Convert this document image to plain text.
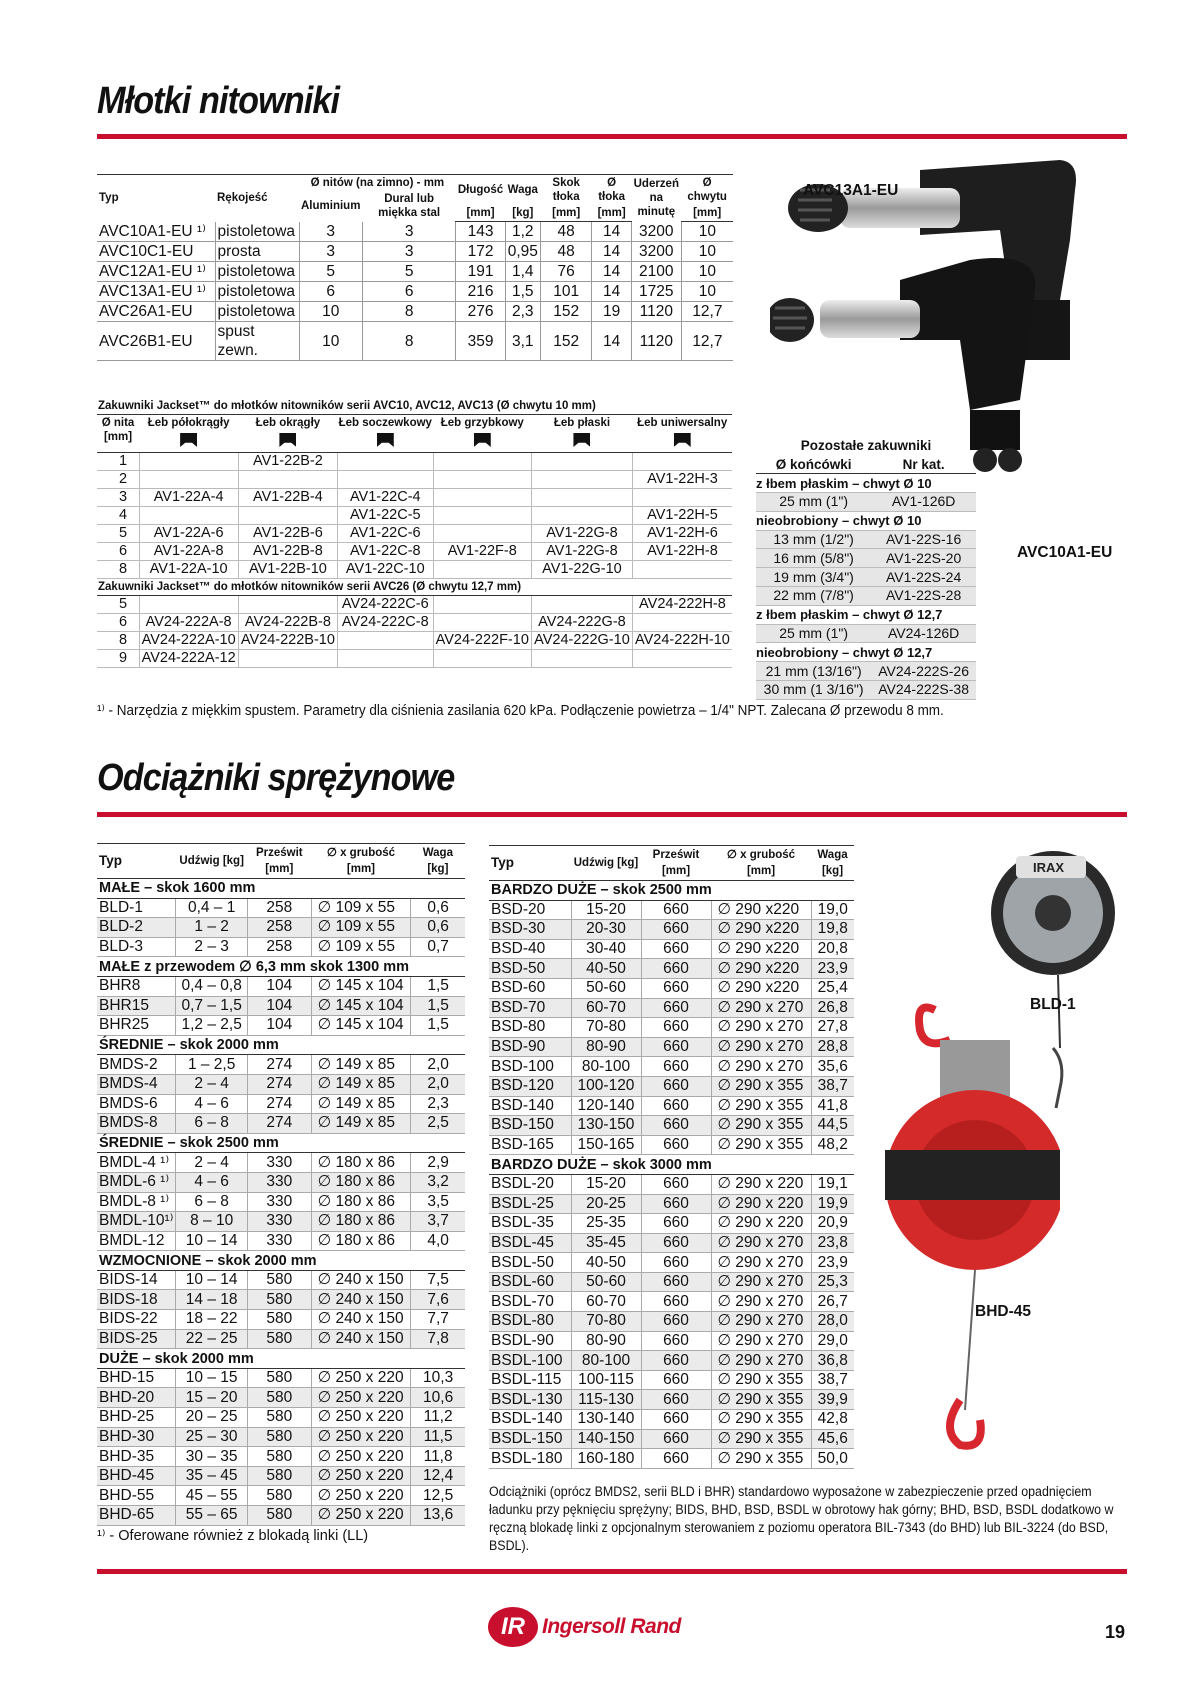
Młotki nitowniki
Typ	Rękojeść	Ø nitów (na zimno) - mm		Długość	Waga	Skok tłoka	Ø tłoka	Uderzeń na minutę	Ø chwytu
		Aluminium	Dural lub miękka stal						
				[mm]	[kg]	[mm]	[mm]		[mm]
AVC10A1-EU ¹⁾	pistoletowa	3	3	143	1,2	48	14	3200	10
AVC10C1-EU	prosta	3	3	172	0,95	48	14	3200	10
AVC12A1-EU ¹⁾	pistoletowa	5	5	191	1,4	76	14	2100	10
AVC13A1-EU ¹⁾	pistoletowa	6	6	216	1,5	101	14	1725	10
AVC26A1-EU	pistoletowa	10	8	276	2,3	152	19	1120	12,7
AVC26B1-EU	spust zewn.	10	8	359	3,1	152	14	1120	12,7
AVC13A1-EU
AVC10A1-EU
Zakuwniki Jackset™ do młotków nitowników serii AVC10, AVC12, AVC13 (Ø chwytu 10 mm)						

Ø nita [mm]	Łeb półokrągły	Łeb okrągły	Łeb soczewkowy	Łeb grzybkowy	Łeb płaski	Łeb uniwersalny

1		AV1-22B-2				
2						AV1-22H-3
3	AV1-22A-4	AV1-22B-4	AV1-22C-4			
4			AV1-22C-5			AV1-22H-5
5	AV1-22A-6	AV1-22B-6	AV1-22C-6		AV1-22G-8	AV1-22H-6
6	AV1-22A-8	AV1-22B-8	AV1-22C-8	AV1-22F-8	AV1-22G-8	AV1-22H-8
8	AV1-22A-10	AV1-22B-10	AV1-22C-10		AV1-22G-10	
Zakuwniki Jackset™ do młotków nitowników serii AVC26 (Ø chwytu 12,7 mm)						
5			AV24-222C-6			AV24-222H-8
6	AV24-222A-8	AV24-222B-8	AV24-222C-8		AV24-222G-8	
8	AV24-222A-10	AV24-222B-10		AV24-222F-10	AV24-222G-10	AV24-222H-10
9	AV24-222A-12					
Pozostałe zakuwniki
Ø końcówki	Nr kat.
z łbem płaskim – chwyt Ø 10	
25 mm (1")	AV1-126D
nieobrobiony – chwyt Ø 10	
13 mm (1/2")	AV1-22S-16
16 mm (5/8")	AV1-22S-20
19 mm (3/4")	AV1-22S-24
22 mm (7/8")	AV1-22S-28
z łbem płaskim – chwyt Ø 12,7	
25 mm (1")	AV24-126D
nieobrobiony – chwyt Ø 12,7	
21 mm (13/16")	AV24-222S-26
30 mm (1 3/16")	AV24-222S-38
¹⁾ - Narzędzia z miękkim spustem. Parametry dla ciśnienia zasilania 620 kPa. Podłączenie powietrza – 1/4" NPT. Zalecana Ø przewodu 8 mm.
Odciążniki sprężynowe
Typ	Udźwig [kg]	Prześwit [mm]	∅ x grubość [mm]	Waga [kg]
MAŁE – skok 1600 mm				
BLD-1	0,4 – 1	258	∅ 109 x 55	0,6
BLD-2	1 – 2	258	∅ 109 x 55	0,6
BLD-3	2 – 3	258	∅ 109 x 55	0,7
MAŁE z przewodem ∅ 6,3 mm skok 1300 mm				
BHR8	0,4 – 0,8	104	∅ 145 x 104	1,5
BHR15	0,7 – 1,5	104	∅ 145 x 104	1,5
BHR25	1,2 – 2,5	104	∅ 145 x 104	1,5
ŚREDNIE – skok 2000 mm				
BMDS-2	1 – 2,5	274	∅ 149 x 85	2,0
BMDS-4	2 – 4	274	∅ 149 x 85	2,0
BMDS-6	4 – 6	274	∅ 149 x 85	2,3
BMDS-8	6 – 8	274	∅ 149 x 85	2,5
ŚREDNIE – skok 2500 mm				
BMDL-4 ¹⁾	2 – 4	330	∅ 180 x 86	2,9
BMDL-6 ¹⁾	4 – 6	330	∅ 180 x 86	3,2
BMDL-8 ¹⁾	6 – 8	330	∅ 180 x 86	3,5
BMDL-10¹⁾	8 – 10	330	∅ 180 x 86	3,7
BMDL-12	10 – 14	330	∅ 180 x 86	4,0
WZMOCNIONE – skok 2000 mm				
BIDS-14	10 – 14	580	∅ 240 x 150	7,5
BIDS-18	14 – 18	580	∅ 240 x 150	7,6
BIDS-22	18 – 22	580	∅ 240 x 150	7,7
BIDS-25	22 – 25	580	∅ 240 x 150	7,8
DUŻE – skok 2000 mm				
BHD-15	10 – 15	580	∅ 250 x 220	10,3
BHD-20	15 – 20	580	∅ 250 x 220	10,6
BHD-25	20 – 25	580	∅ 250 x 220	11,2
BHD-30	25 – 30	580	∅ 250 x 220	11,5
BHD-35	30 – 35	580	∅ 250 x 220	11,8
BHD-45	35 – 45	580	∅ 250 x 220	12,4
BHD-55	45 – 55	580	∅ 250 x 220	12,5
BHD-65	55 – 65	580	∅ 250 x 220	13,6
Typ	Udźwig [kg]	Prześwit [mm]	∅ x grubość [mm]	Waga [kg]
BARDZO DUŻE – skok 2500 mm				
BSD-20	15-20	660	∅ 290 x220	19,0
BSD-30	20-30	660	∅ 290 x220	19,8
BSD-40	30-40	660	∅ 290 x220	20,8
BSD-50	40-50	660	∅ 290 x220	23,9
BSD-60	50-60	660	∅ 290 x220	25,4
BSD-70	60-70	660	∅ 290 x 270	26,8
BSD-80	70-80	660	∅ 290 x 270	27,8
BSD-90	80-90	660	∅ 290 x 270	28,8
BSD-100	80-100	660	∅ 290 x 270	35,6
BSD-120	100-120	660	∅ 290 x 355	38,7
BSD-140	120-140	660	∅ 290 x 355	41,8
BSD-150	130-150	660	∅ 290 x 355	44,5
BSD-165	150-165	660	∅ 290 x 355	48,2
BARDZO DUŻE – skok 3000 mm				
BSDL-20	15-20	660	∅ 290 x 220	19,1
BSDL-25	20-25	660	∅ 290 x 220	19,9
BSDL-35	25-35	660	∅ 290 x 220	20,9
BSDL-45	35-45	660	∅ 290 x 270	23,8
BSDL-50	40-50	660	∅ 290 x 270	23,9
BSDL-60	50-60	660	∅ 290 x 270	25,3
BSDL-70	60-70	660	∅ 290 x 270	26,7
BSDL-80	70-80	660	∅ 290 x 270	28,0
BSDL-90	80-90	660	∅ 290 x 270	29,0
BSDL-100	80-100	660	∅ 290 x 270	36,8
BSDL-115	100-115	660	∅ 290 x 355	38,7
BSDL-130	115-130	660	∅ 290 x 355	39,9
BSDL-140	130-140	660	∅ 290 x 355	42,8
BSDL-150	140-150	660	∅ 290 x 355	45,6
BSDL-180	160-180	660	∅ 290 x 355	50,0
¹⁾ - Oferowane również z blokadą linki (LL)
Odciążniki (oprócz BMDS2, serii BLD i BHR) standardowo wyposażone w zabezpieczenie przed opadnięciem ładunku przy pęknięciu sprężyny; BIDS, BHD, BSD, BSDL w obrotowy hak górny; BHD, BSD, BSDL dodatkowo w ręczną blokadę linki z opcjonalnym sterowaniem z poziomu operatora BIL-7343 (do BHD) lub BIL-3224 (do BSD, BSDL).
IRAX
BLD-1
BHD-45
IR Ingersoll Rand	19
